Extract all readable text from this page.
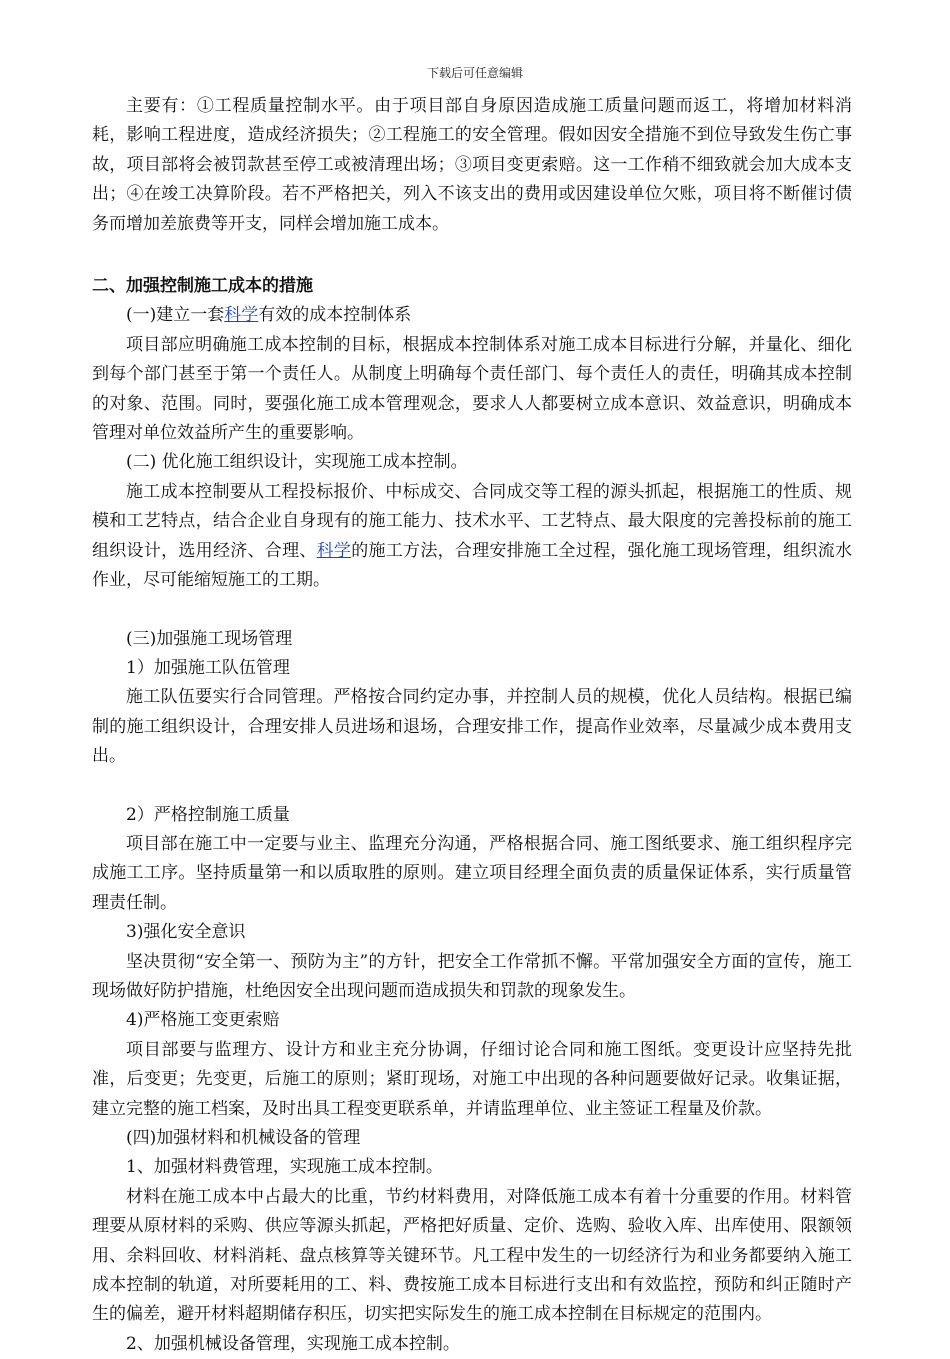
下载后可任意编辑

主要有：①工程质量控制水平。由于项目部自身原因造成施工质量问题而返工，将增加材料消耗，影响工程进度，造成经济损失；②工程施工的安全管理。假如因安全措施不到位导致发生伤亡事故，项目部将会被罚款甚至停工或被清理出场；③项目变更索赔。这一工作稍不细致就会加大成本支出；④在竣工决算阶段。若不严格把关，列入不该支出的费用或因建设单位欠账，项目将不断催讨债务而增加差旅费等开支，同样会增加施工成本。

二、加强控制施工成本的措施

(一)建立一套科学有效的成本控制体系

项目部应明确施工成本控制的目标，根据成本控制体系对施工成本目标进行分解，并量化、细化到每个部门甚至于第一个责任人。从制度上明确每个责任部门、每个责任人的责任，明确其成本控制的对象、范围。同时，要强化施工成本管理观念，要求人人都要树立成本意识、效益意识，明确成本管理对单位效益所产生的重要影响。

(二) 优化施工组织设计，实现施工成本控制。

施工成本控制要从工程投标报价、中标成交、合同成交等工程的源头抓起，根据施工的性质、规模和工艺特点，结合企业自身现有的施工能力、技术水平、工艺特点、最大限度的完善投标前的施工组织设计，选用经济、合理、科学的施工方法，合理安排施工全过程，强化施工现场管理，组织流水作业，尽可能缩短施工的工期。

(三)加强施工现场管理

1）加强施工队伍管理

施工队伍要实行合同管理。严格按合同约定办事，并控制人员的规模，优化人员结构。根据已编制的施工组织设计，合理安排人员进场和退场，合理安排工作，提高作业效率，尽量减少成本费用支出。

2）严格控制施工质量

项目部在施工中一定要与业主、监理充分沟通，严格根据合同、施工图纸要求、施工组织程序完成施工工序。坚持质量第一和以质取胜的原则。建立项目经理全面负责的质量保证体系，实行质量管理责任制。

3)强化安全意识

坚决贯彻“安全第一、预防为主”的方针，把安全工作常抓不懈。平常加强安全方面的宣传，施工现场做好防护措施，杜绝因安全出现问题而造成损失和罚款的现象发生。

4)严格施工变更索赔

项目部要与监理方、设计方和业主充分协调，仔细讨论合同和施工图纸。变更设计应坚持先批准，后变更；先变更，后施工的原则；紧盯现场，对施工中出现的各种问题要做好记录。收集证据，建立完整的施工档案，及时出具工程变更联系单，并请监理单位、业主签证工程量及价款。

(四)加强材料和机械设备的管理

1、加强材料费管理，实现施工成本控制。

材料在施工成本中占最大的比重，节约材料费用，对降低施工成本有着十分重要的作用。材料管理要从原材料的采购、供应等源头抓起，严格把好质量、定价、选购、验收入库、出库使用、限额领用、余料回收、材料消耗、盘点核算等关键环节。凡工程中发生的一切经济行为和业务都要纳入施工成本控制的轨道，对所要耗用的工、料、费按施工成本目标进行支出和有效监控，预防和纠正随时产生的偏差，避开材料超期储存积压，切实把实际发生的施工成本控制在目标规定的范围内。

2、加强机械设备管理，实现施工成本控制。
